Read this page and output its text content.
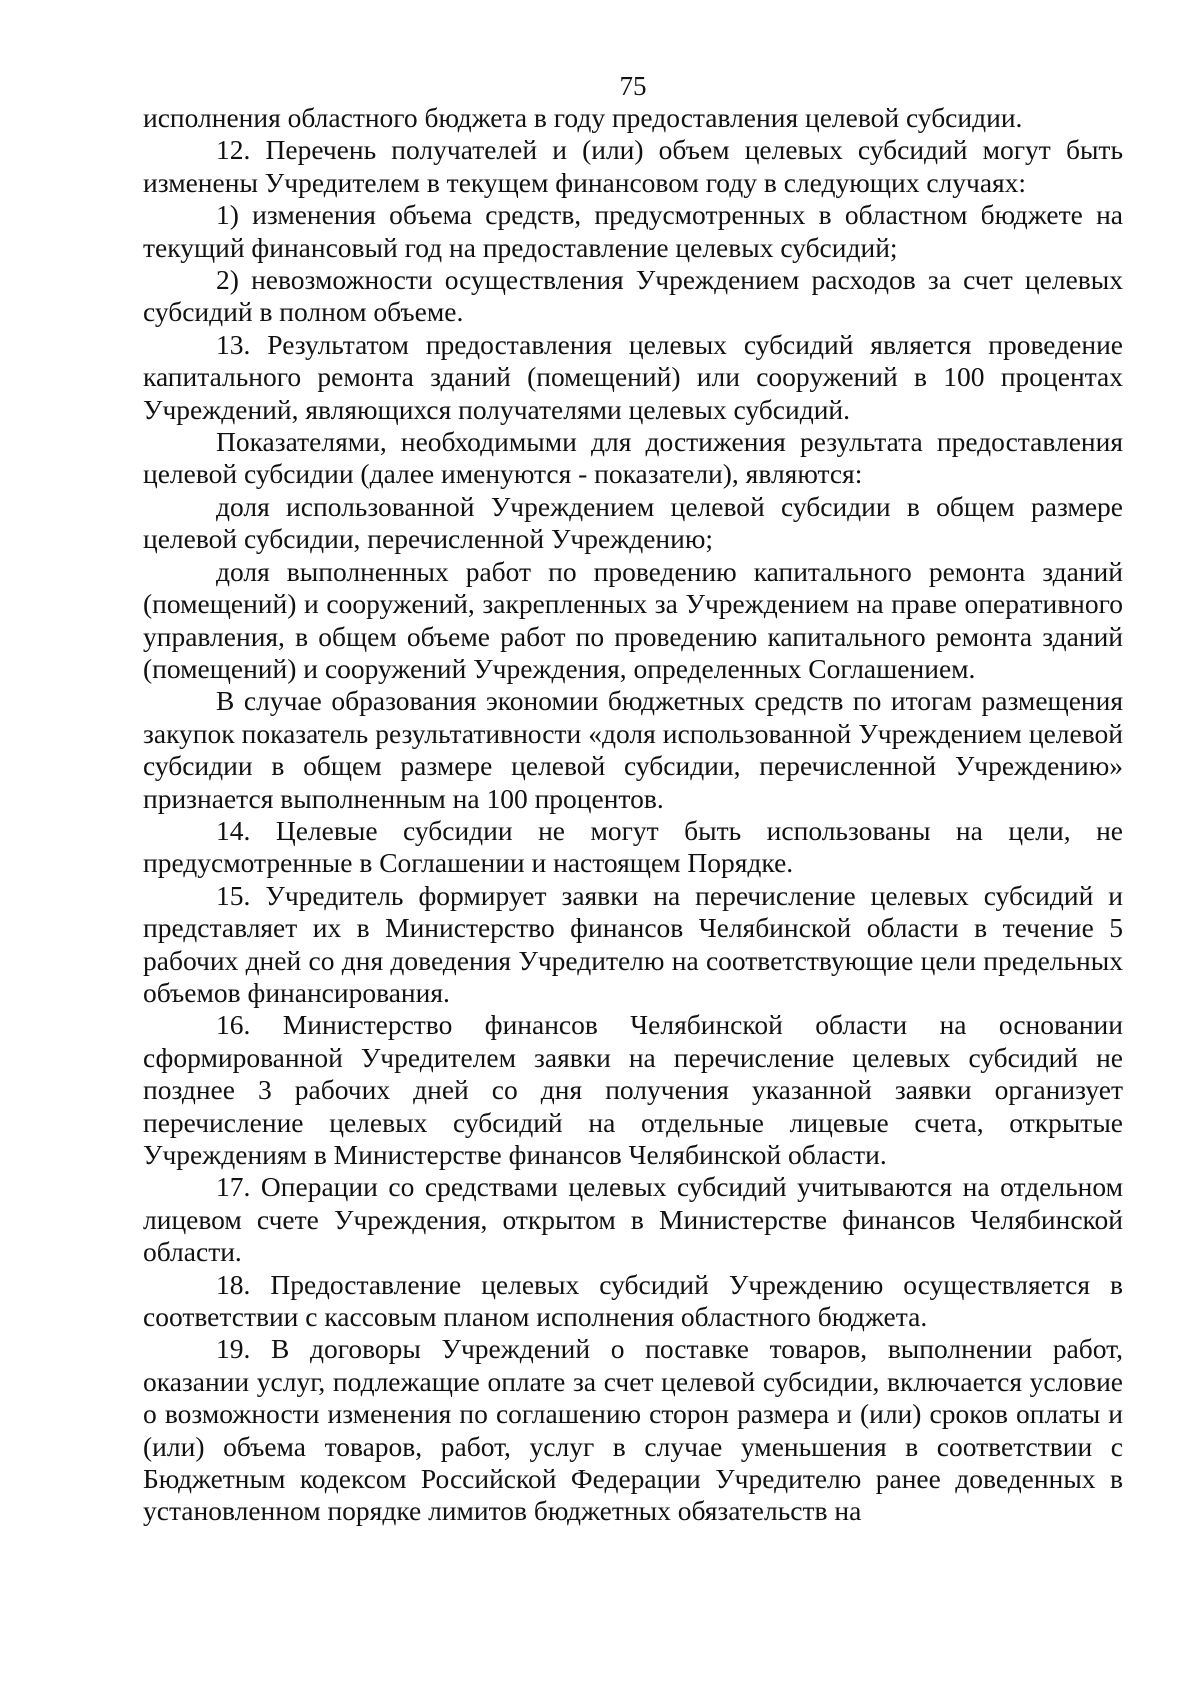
75

исполнения областного бюджета в году предоставления целевой субсидии.

12. Перечень получателей и (или) объем целевых субсидий могут быть изменены Учредителем в текущем финансовом году в следующих случаях:

1) изменения объема средств, предусмотренных в областном бюджете на текущий финансовый год на предоставление целевых субсидий;

2) невозможности осуществления Учреждением расходов за счет целевых субсидий в полном объеме.

13. Результатом предоставления целевых субсидий является проведение капитального ремонта зданий (помещений) или сооружений в 100 процентах Учреждений, являющихся получателями целевых субсидий.

Показателями, необходимыми для достижения результата предоставления целевой субсидии (далее именуются - показатели), являются:

доля использованной Учреждением целевой субсидии в общем размере целевой субсидии, перечисленной Учреждению;

доля выполненных работ по проведению капитального ремонта зданий (помещений) и сооружений, закрепленных за Учреждением на праве оперативного управления, в общем объеме работ по проведению капитального ремонта зданий (помещений) и сооружений Учреждения, определенных Соглашением.

В случае образования экономии бюджетных средств по итогам размещения закупок показатель результативности «доля использованной Учреждением целевой субсидии в общем размере целевой субсидии, перечисленной Учреждению» признается выполненным на 100 процентов.

14. Целевые субсидии не могут быть использованы на цели, не предусмотренные в Соглашении и настоящем Порядке.

15. Учредитель формирует заявки на перечисление целевых субсидий и представляет их в Министерство финансов Челябинской области в течение 5 рабочих дней со дня доведения Учредителю на соответствующие цели предельных объемов финансирования.

16. Министерство финансов Челябинской области на основании сформированной Учредителем заявки на перечисление целевых субсидий не позднее 3 рабочих дней со дня получения указанной заявки организует перечисление целевых субсидий на отдельные лицевые счета, открытые Учреждениям в Министерстве финансов Челябинской области.

17. Операции со средствами целевых субсидий учитываются на отдельном лицевом счете Учреждения, открытом в Министерстве финансов Челябинской области.

18. Предоставление целевых субсидий Учреждению осуществляется в соответствии с кассовым планом исполнения областного бюджета.

19. В договоры Учреждений о поставке товаров, выполнении работ, оказании услуг, подлежащие оплате за счет целевой субсидии, включается условие о возможности изменения по соглашению сторон размера и (или) сроков оплаты и (или) объема товаров, работ, услуг в случае уменьшения в соответствии с Бюджетным кодексом Российской Федерации Учредителю ранее доведенных в установленном порядке лимитов бюджетных обязательств на
